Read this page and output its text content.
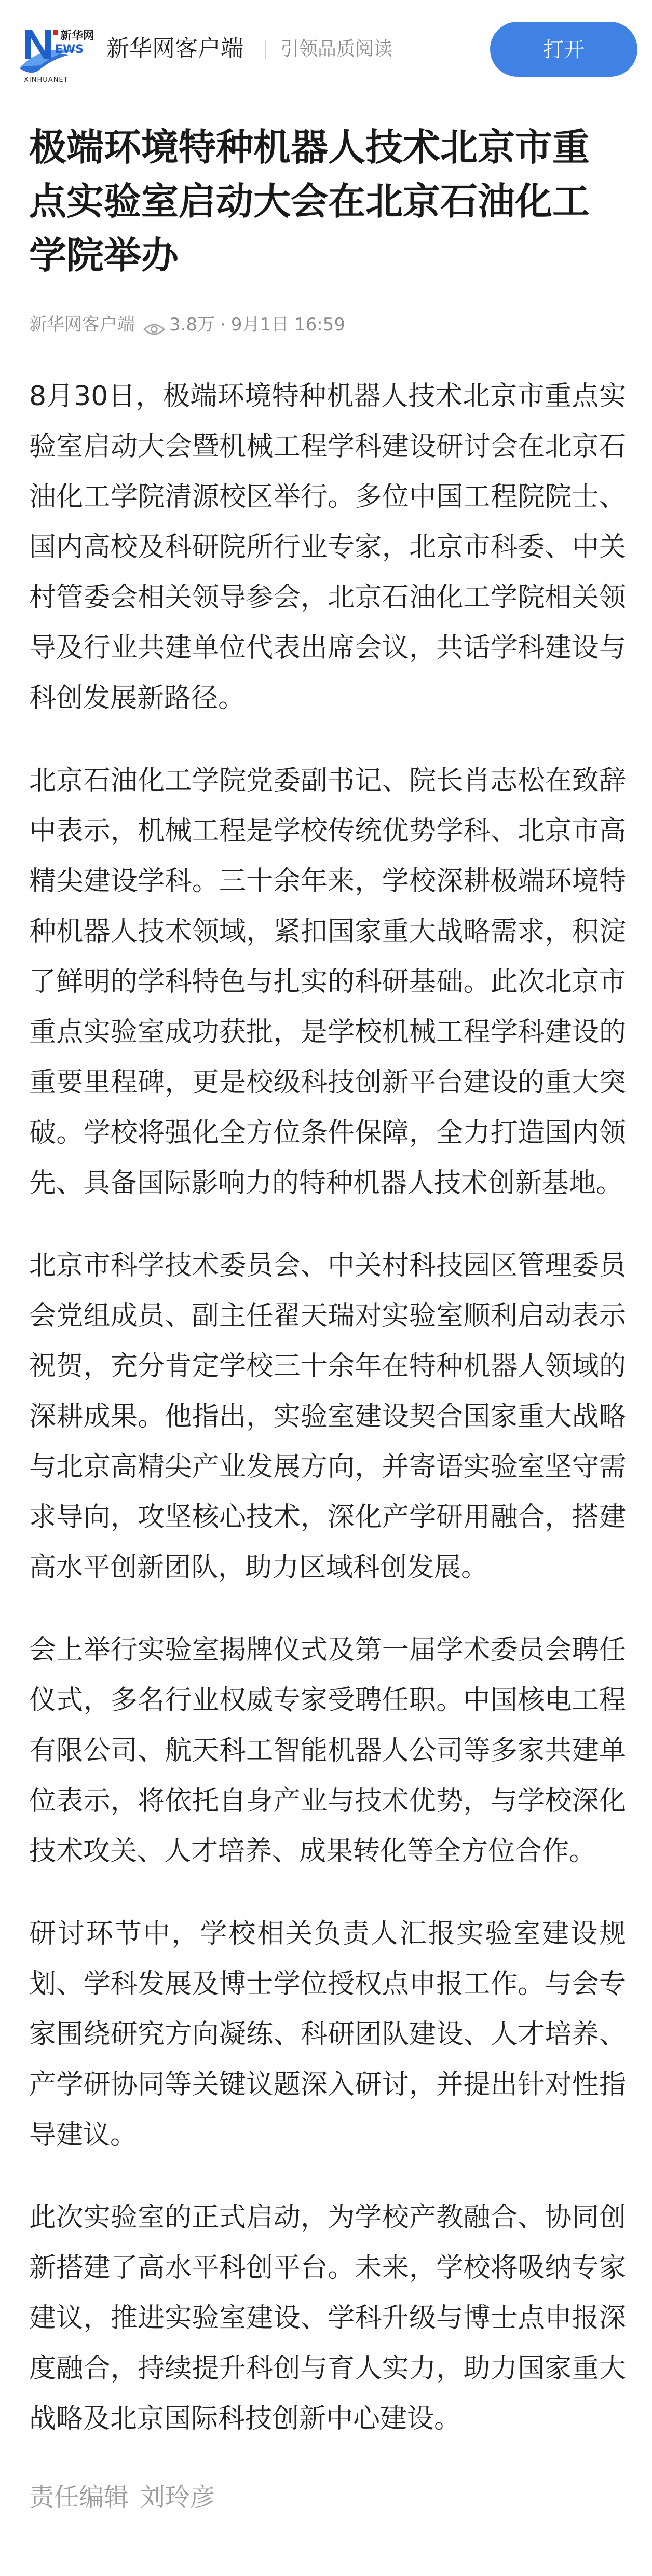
新华网
EWS
XINHUANET
新华网客户端 引领品质阅读	打开
极端环境特种机器人技术北京市重点实验室启动大会在北京石油化工学院举办
新华网客户端 3.8万 · 9月1日 16:59

8月30日，极端环境特种机器人技术北京市重点实验室启动大会暨机械工程学科建设研讨会在北京石油化工学院清源校区举行。多位中国工程院院士、国内高校及科研院所行业专家，北京市科委、中关村管委会相关领导参会，北京石油化工学院相关领导及行业共建单位代表出席会议，共话学科建设与科创发展新路径。

北京石油化工学院党委副书记、院长肖志松在致辞中表示，机械工程是学校传统优势学科、北京市高精尖建设学科。三十余年来，学校深耕极端环境特种机器人技术领域，紧扣国家重大战略需求，积淀了鲜明的学科特色与扎实的科研基础。此次北京市重点实验室成功获批，是学校机械工程学科建设的重要里程碑，更是校级科技创新平台建设的重大突破。学校将强化全方位条件保障，全力打造国内领先、具备国际影响力的特种机器人技术创新基地。

北京市科学技术委员会、中关村科技园区管理委员会党组成员、副主任翟天瑞对实验室顺利启动表示祝贺，充分肯定学校三十余年在特种机器人领域的深耕成果。他指出，实验室建设契合国家重大战略与北京高精尖产业发展方向，并寄语实验室坚守需求导向，攻坚核心技术，深化产学研用融合，搭建高水平创新团队，助力区域科创发展。

会上举行实验室揭牌仪式及第一届学术委员会聘任仪式，多名行业权威专家受聘任职。中国核电工程有限公司、航天科工智能机器人公司等多家共建单位表示，将依托自身产业与技术优势，与学校深化技术攻关、人才培养、成果转化等全方位合作。

研讨环节中，学校相关负责人汇报实验室建设规划、学科发展及博士学位授权点申报工作。与会专家围绕研究方向凝练、科研团队建设、人才培养、产学研协同等关键议题深入研讨，并提出针对性指导建议。

此次实验室的正式启动，为学校产教融合、协同创新搭建了高水平科创平台。未来，学校将吸纳专家建议，推进实验室建设、学科升级与博士点申报深度融合，持续提升科创与育人实力，助力国家重大战略及北京国际科技创新中心建设。

责任编辑 刘玲彦
